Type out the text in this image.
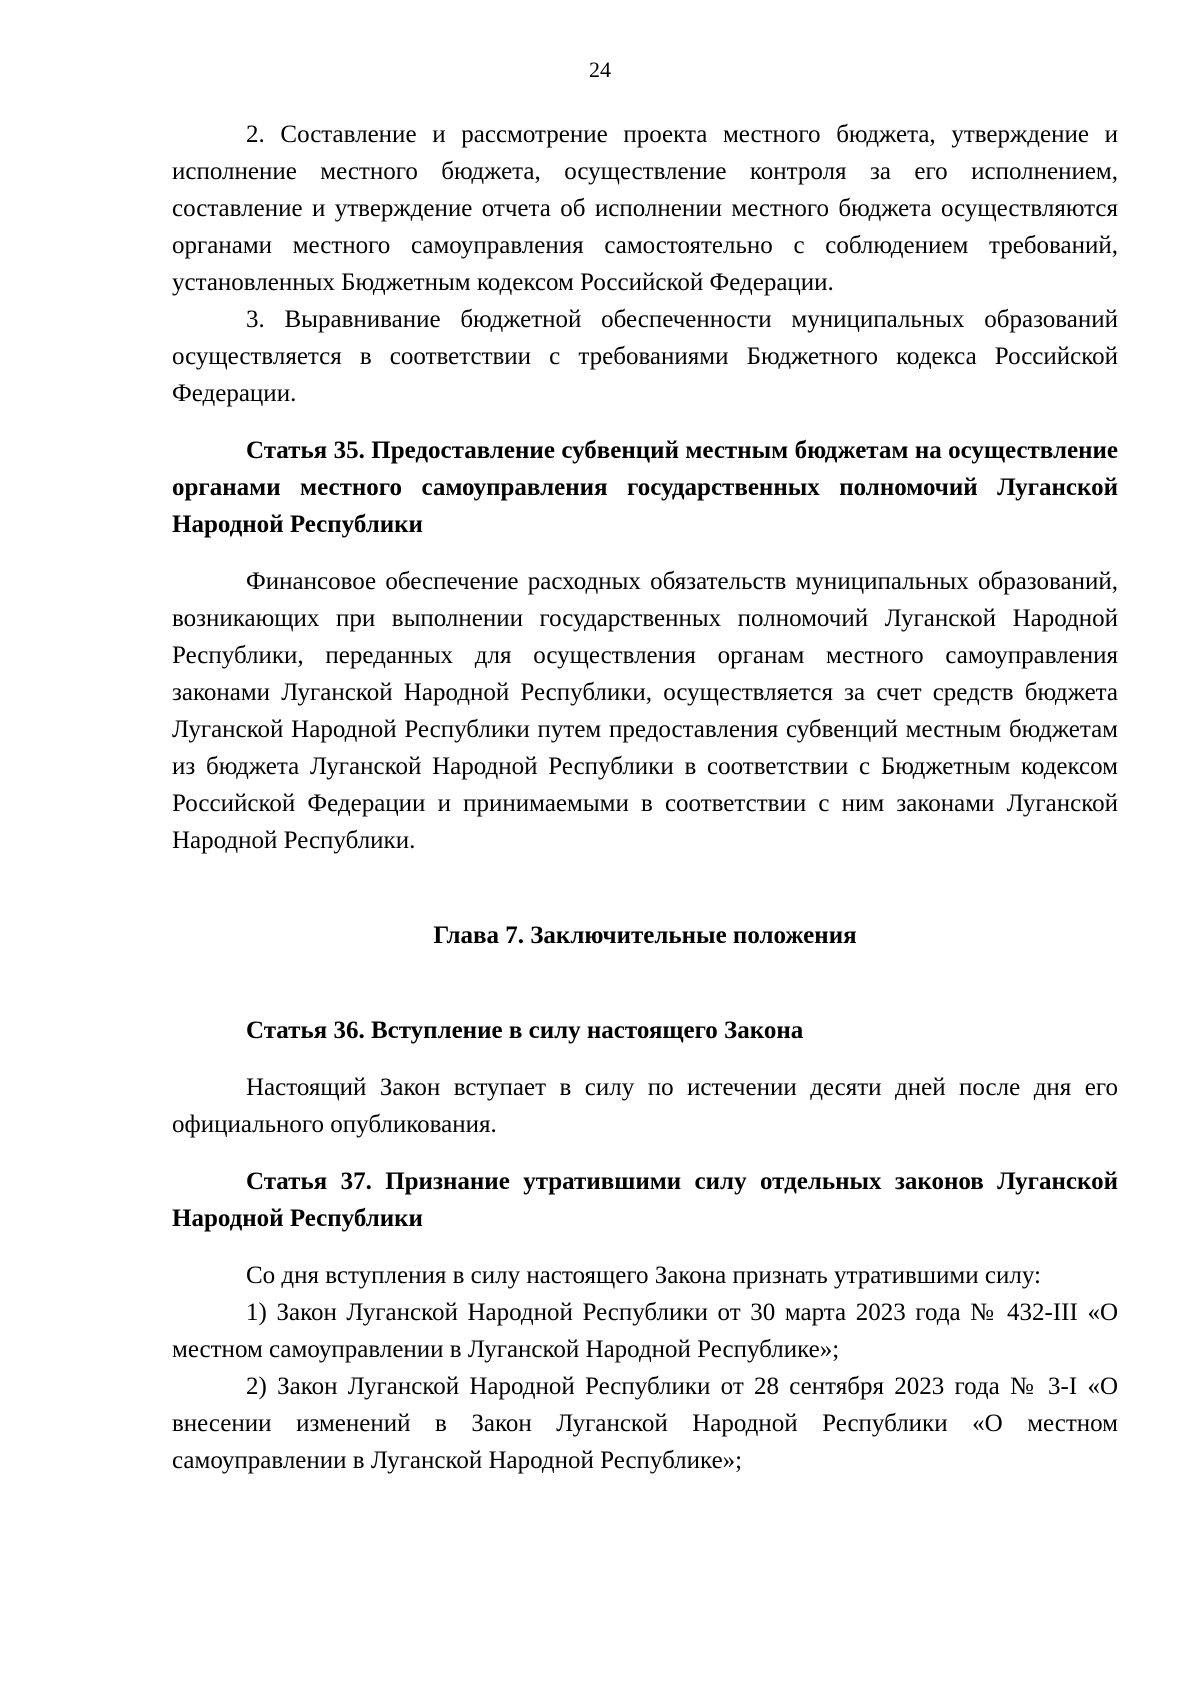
24

2. Составление и рассмотрение проекта местного бюджета, утверждение и исполнение местного бюджета, осуществление контроля за его исполнением, составление и утверждение отчета об исполнении местного бюджета осуществляются органами местного самоуправления самостоятельно с соблюдением требований, установленных Бюджетным кодексом Российской Федерации.

3. Выравнивание бюджетной обеспеченности муниципальных образований осуществляется в соответствии с требованиями Бюджетного кодекса Российской Федерации.

Статья 35. Предоставление субвенций местным бюджетам на осуществление органами местного самоуправления государственных полномочий Луганской Народной Республики

Финансовое обеспечение расходных обязательств муниципальных образований, возникающих при выполнении государственных полномочий Луганской Народной Республики, переданных для осуществления органам местного самоуправления законами Луганской Народной Республики, осуществляется за счет средств бюджета Луганской Народной Республики путем предоставления субвенций местным бюджетам из бюджета Луганской Народной Республики в соответствии с Бюджетным кодексом Российской Федерации и принимаемыми в соответствии с ним законами Луганской Народной Республики.

Глава 7. Заключительные положения

Статья 36. Вступление в силу настоящего Закона

Настоящий Закон вступает в силу по истечении десяти дней после дня его официального опубликования.

Статья 37. Признание утратившими силу отдельных законов Луганской Народной Республики

Со дня вступления в силу настоящего Закона признать утратившими силу:

1) Закон Луганской Народной Республики от 30 марта 2023 года № 432-III «О местном самоуправлении в Луганской Народной Республике»;

2) Закон Луганской Народной Республики от 28 сентября 2023 года № 3-I «О внесении изменений в Закон Луганской Народной Республики «О местном самоуправлении в Луганской Народной Республике»;
